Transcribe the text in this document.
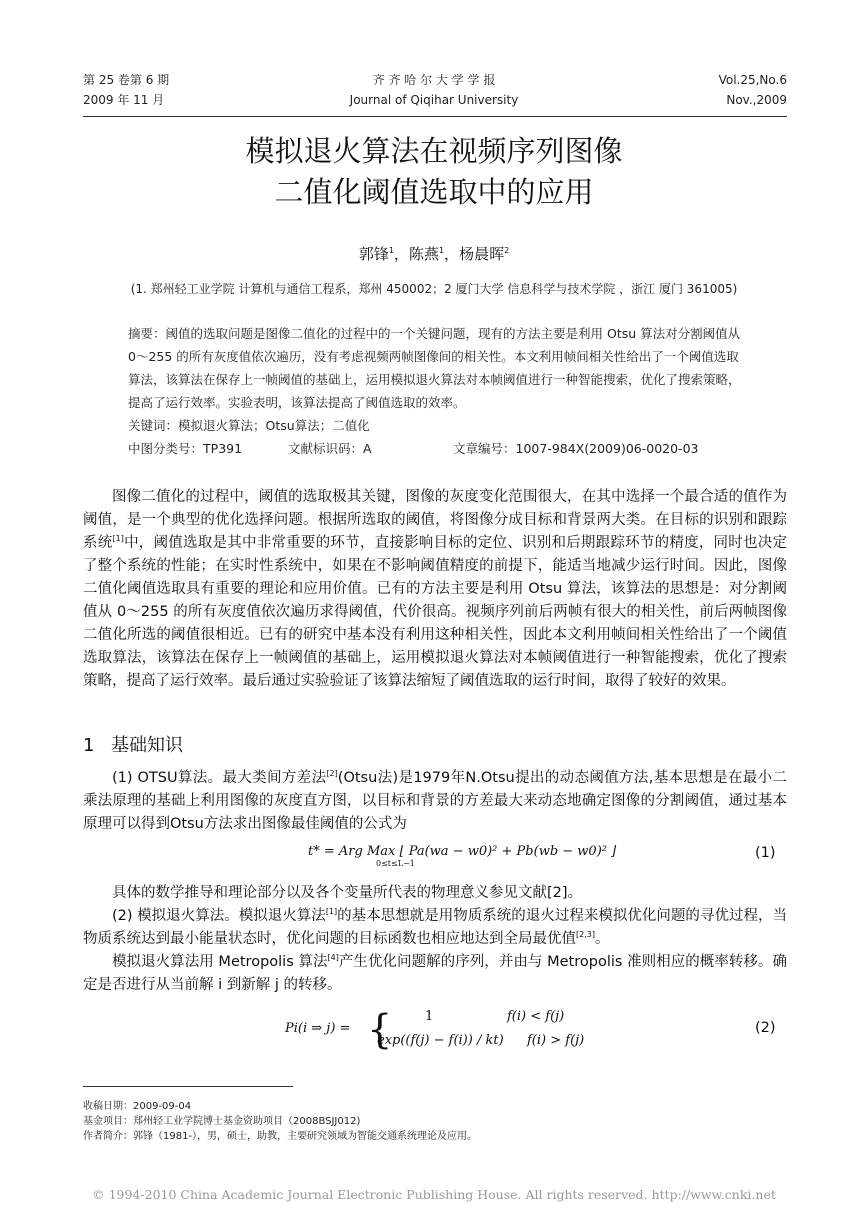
第 25 卷第 6 期
2009 年 11 月
齐 齐 哈 尔 大 学 学 报
Journal of Qiqihar University
Vol.25,No.6
Nov.,2009
模拟退火算法在视频序列图像
二值化阈值选取中的应用
郭锋$^1$，陈燕$^1$，杨晨晖$^2$
(1. 郑州轻工业学院 计算机与通信工程系，郑州 450002；2 厦门大学 信息科学与技术学院 ，浙江 厦门 361005)

摘要：阈值的选取问题是图像二值化的过程中的一个关键问题，现有的方法主要是利用 Otsu 算法对分割阈值从 0～255 的所有灰度值依次遍历，没有考虑视频两帧图像间的相关性。本文利用帧间相关性给出了一个阈值选取算法，该算法在保存上一帧阈值的基础上，运用模拟退火算法对本帧阈值进行一种智能搜索，优化了搜索策略，提高了运行效率。实验表明，该算法提高了阈值选取的效率。

关键词：模拟退火算法；Otsu算法；二值化

中图分类号：TP391	文献标识码：A	文章编号：1007-984X(2009)06-0020-03

图像二值化的过程中，阈值的选取极其关键，图像的灰度变化范围很大，在其中选择一个最合适的值作为阈值，是一个典型的优化选择问题。根据所选取的阈值，将图像分成目标和背景两大类。在目标的识别和跟踪系统[1]中，阈值选取是其中非常重要的环节，直接影响目标的定位、识别和后期跟踪环节的精度，同时也决定了整个系统的性能；在实时性系统中，如果在不影响阈值精度的前提下，能适当地减少运行时间。因此，图像二值化阈值选取具有重要的理论和应用价值。已有的方法主要是利用 Otsu 算法，该算法的思想是：对分割阈值从 0～255 的所有灰度值依次遍历求得阈值，代价很高。视频序列前后两帧有很大的相关性，前后两帧图像二值化所选的阈值很相近。已有的研究中基本没有利用这种相关性，因此本文利用帧间相关性给出了一个阈值选取算法，该算法在保存上一帧阈值的基础上，运用模拟退火算法对本帧阈值进行一种智能搜索，优化了搜索策略，提高了运行效率。最后通过实验验证了该算法缩短了阈值选取的运行时间，取得了较好的效果。

1 基础知识

(1) OTSU算法。最大类间方差法[2](Otsu法)是1979年N.Otsu提出的动态阈值方法,基本思想是在最小二乘法原理的基础上利用图像的灰度直方图，以目标和背景的方差最大来动态地确定图像的分割阈值，通过基本原理可以得到Otsu方法求出图像最佳阈值的公式为

t* = Arg Max ⌊ Pa(wa − w0)² + Pb(wb − w0)² ⌋
0≤t≤L−1
(1)

具体的数学推导和理论部分以及各个变量所代表的物理意义参见文献[2]。

(2) 模拟退火算法。模拟退火算法[1]的基本思想就是用物质系统的退火过程来模拟优化问题的寻优过程，当物质系统达到最小能量状态时，优化问题的目标函数也相应地达到全局最优值[2,3]。

模拟退火算法用 Metropolis 算法[4]产生优化问题解的序列，并由与 Metropolis 准则相应的概率转移。确定是否进行从当前解 i 到新解 j 的转移。

Pi(i ⇒ j) = {	1	f(i) < f(j)
exp((f(j) − f(i)) / kt) f(i) > f(j)
(2)

收稿日期：2009-09-04

基金项目：郑州轻工业学院博士基金资助项目（2008BSJJ012)

作者简介：郭锋（1981-），男，硕士，助教，主要研究领域为智能交通系统理论及应用。

© 1994-2010 China Academic Journal Electronic Publishing House. All rights reserved. http://www.cnki.net
